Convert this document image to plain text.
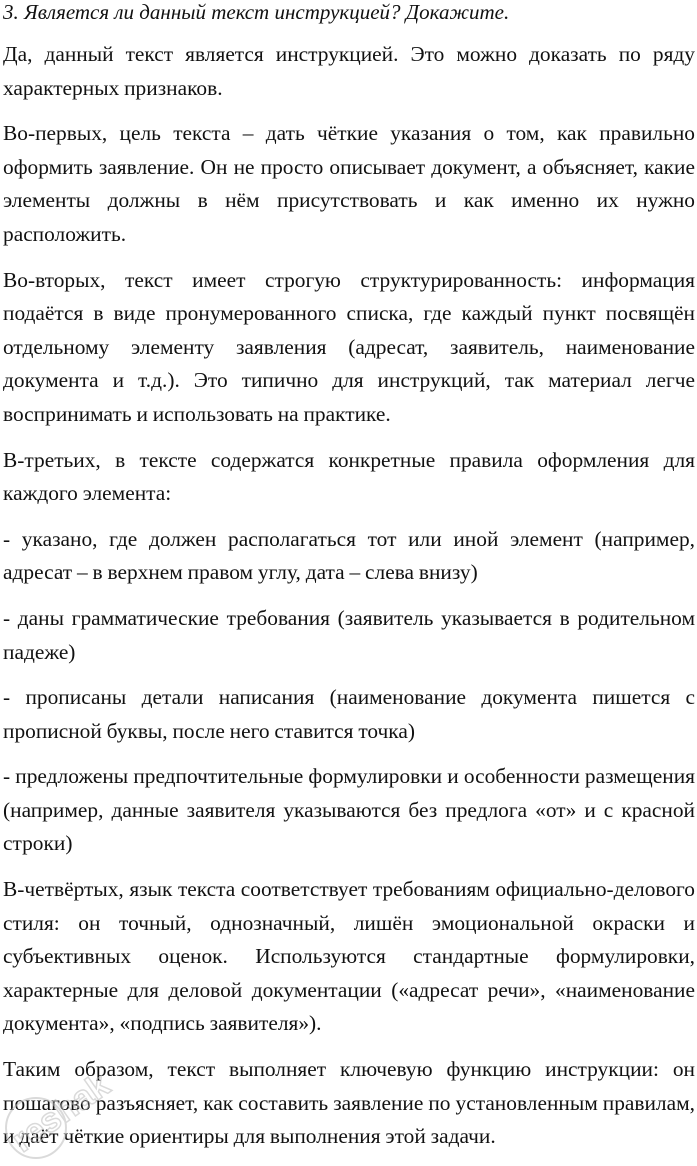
3. Является ли данный текст инструкцией? Докажите.

Да, данный текст является инструкцией. Это можно доказать по ряду характерных признаков.

Во-первых, цель текста – дать чёткие указания о том, как правильно оформить заявление. Он не просто описывает документ, а объясняет, какие элементы должны в нём присутствовать и как именно их нужно расположить.

Во-вторых, текст имеет строгую структурированность: информация подаётся в виде пронумерованного списка, где каждый пункт посвящён отдельному элементу заявления (адресат, заявитель, наименование документа и т.д.). Это типично для инструкций, так материал легче воспринимать и использовать на практике.

В-третьих, в тексте содержатся конкретные правила оформления для каждого элемента:

- указано, где должен располагаться тот или иной элемент (например, адресат – в верхнем правом углу, дата – слева внизу)

- даны грамматические требования (заявитель указывается в родительном падеже)

- прописаны детали написания (наименование документа пишется с прописной буквы, после него ставится точка)

- предложены предпочтительные формулировки и особенности размещения (например, данные заявителя указываются без предлога «от» и с красной строки)

В-четвёртых, язык текста соответствует требованиям официально-делового стиля: он точный, однозначный, лишён эмоциональной окраски и субъективных оценок. Используются стандартные формулировки, характерные для деловой документации («адресат речи», «наименование документа», «подпись заявителя»).

Таким образом, текст выполняет ключевую функцию инструкции: он пошагово разъясняет, как составить заявление по установленным правилам, и даёт чёткие ориентиры для выполнения этой задачи.

reshak
